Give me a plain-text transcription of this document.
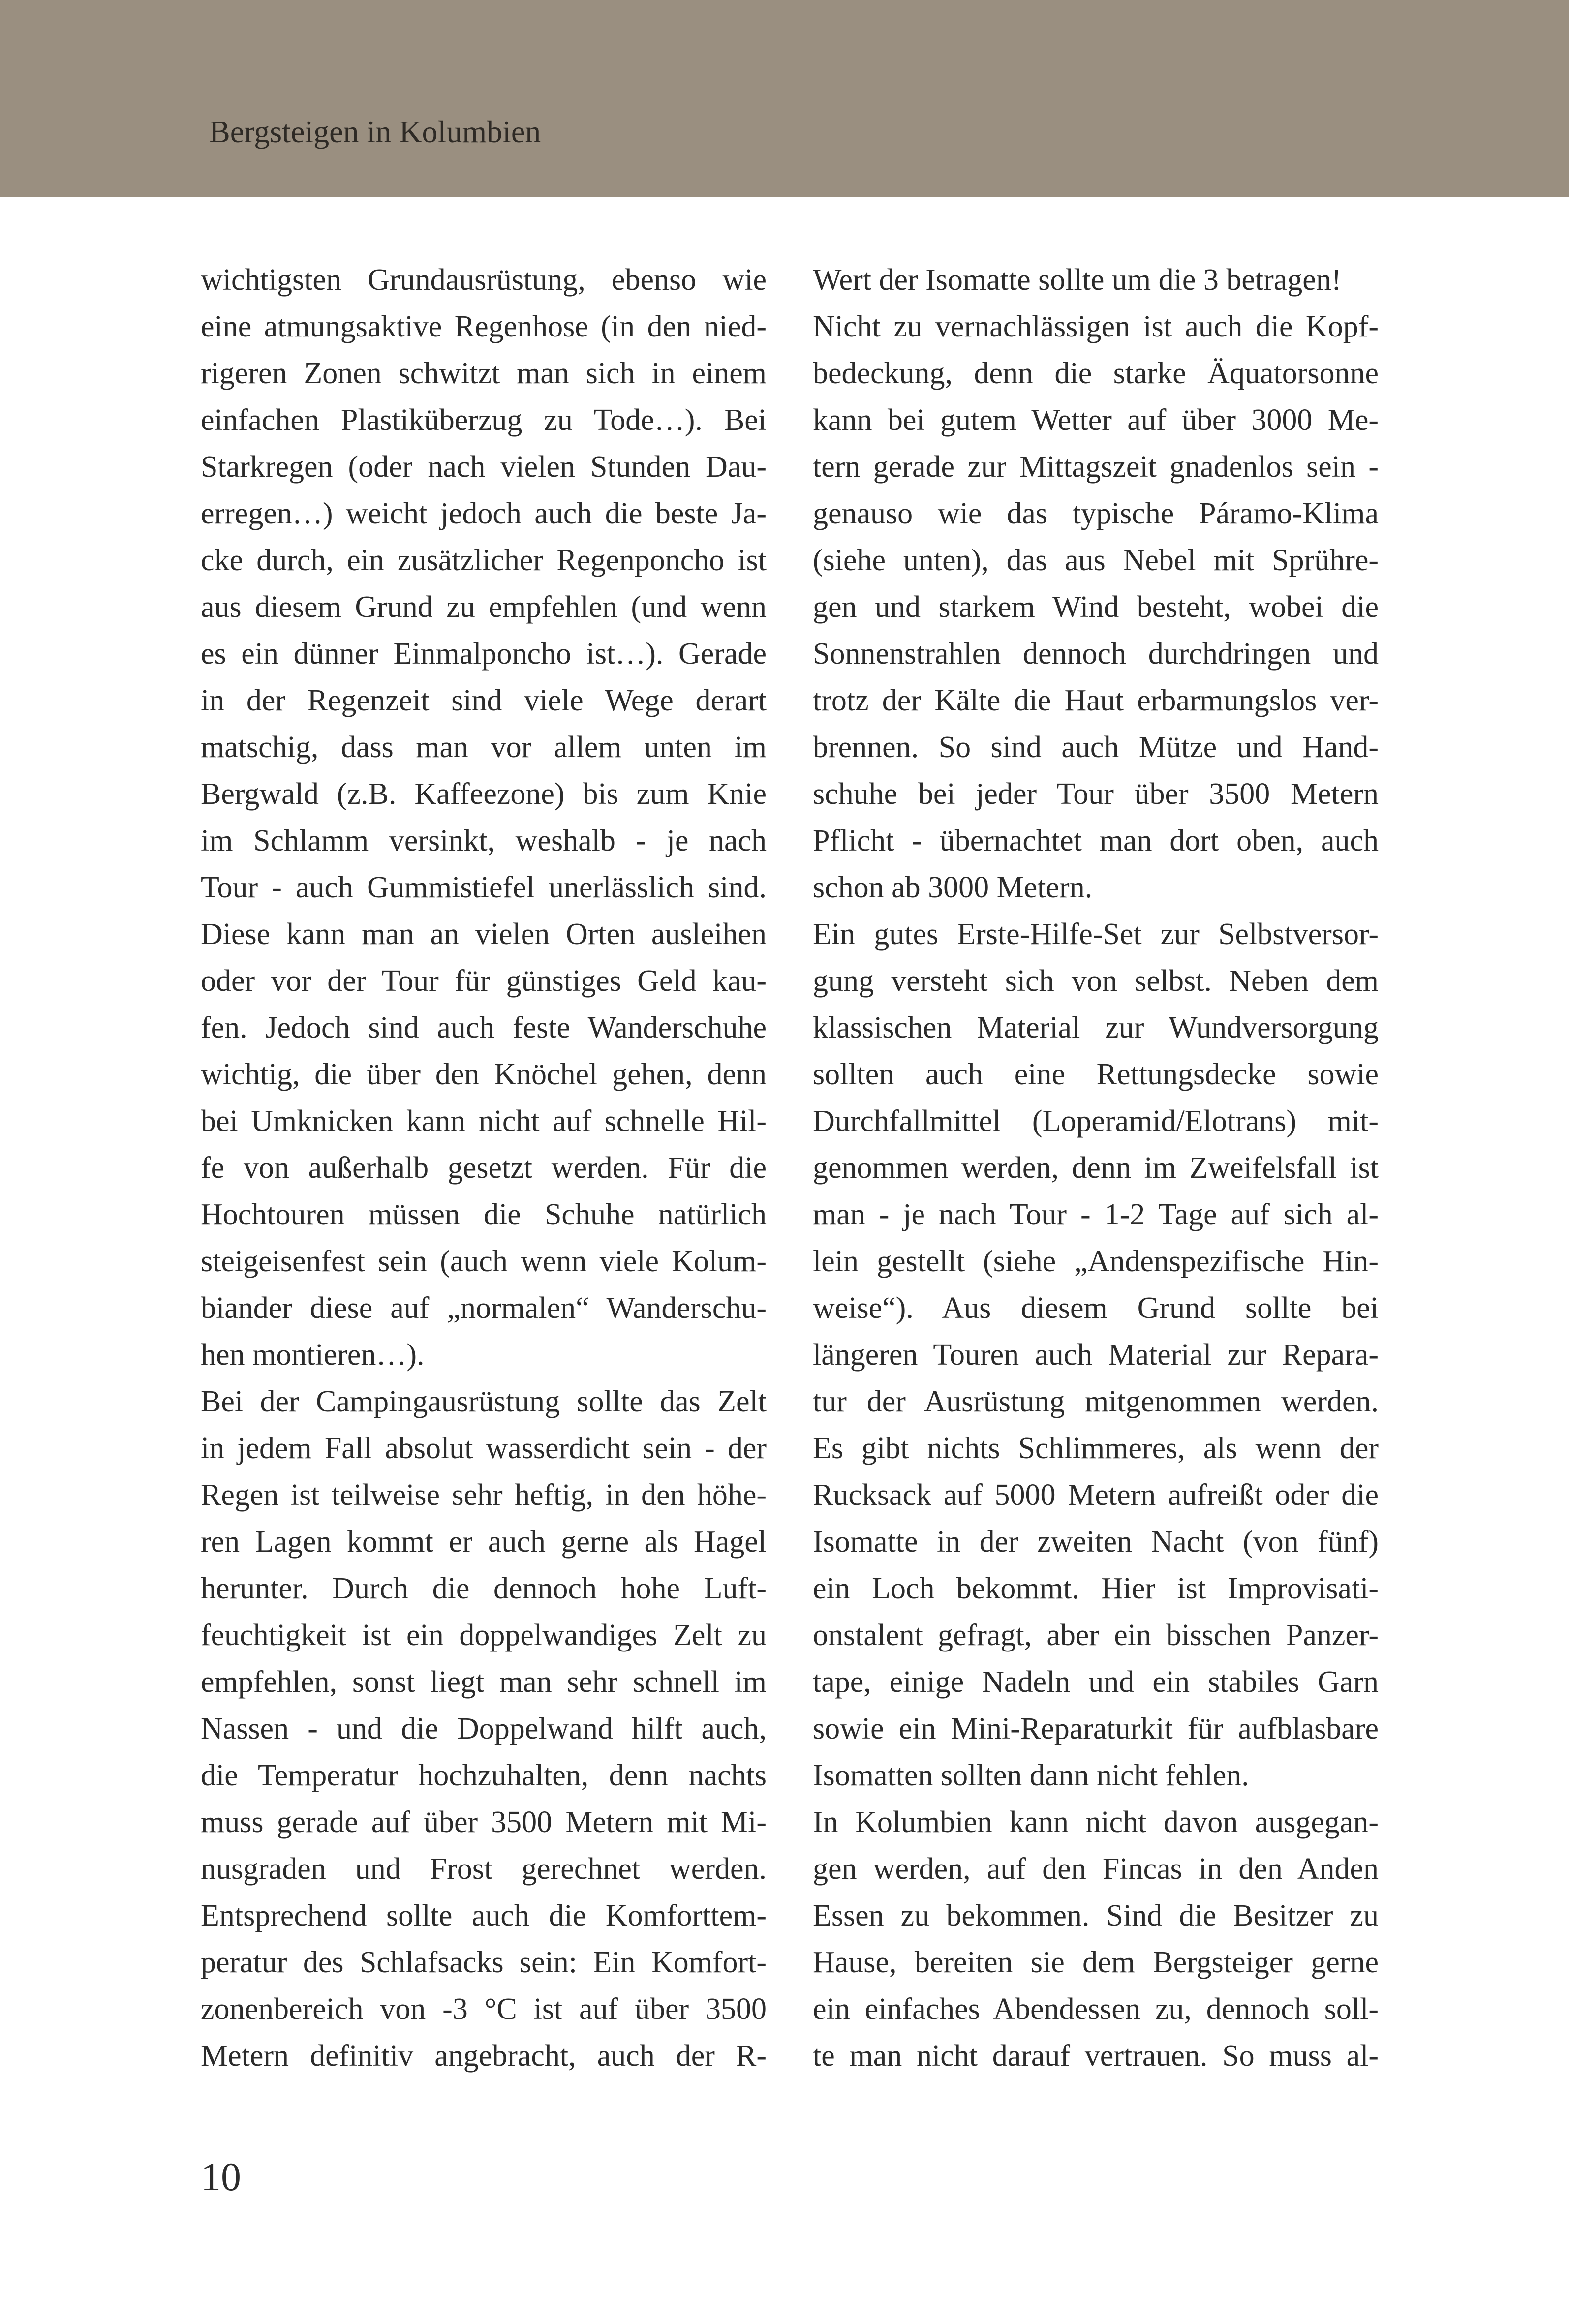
Bergsteigen in Kolumbien
wichtigsten Grundausrüstung, ebenso wie
eine atmungsaktive Regenhose (in den nied-
rigeren Zonen schwitzt man sich in einem
einfachen Plastiküberzug zu Tode…). Bei
Starkregen (oder nach vielen Stunden Dau-
erregen…) weicht jedoch auch die beste Ja-
cke durch, ein zusätzlicher Regenponcho ist
aus diesem Grund zu empfehlen (und wenn
es ein dünner Einmalponcho ist…). Gerade
in der Regenzeit sind viele Wege derart
matschig, dass man vor allem unten im
Bergwald (z.B. Kaffeezone) bis zum Knie
im Schlamm versinkt, weshalb - je nach
Tour - auch Gummistiefel unerlässlich sind.
Diese kann man an vielen Orten ausleihen
oder vor der Tour für günstiges Geld kau-
fen. Jedoch sind auch feste Wanderschuhe
wichtig, die über den Knöchel gehen, denn
bei Umknicken kann nicht auf schnelle Hil-
fe von außerhalb gesetzt werden. Für die
Hochtouren müssen die Schuhe natürlich
steigeisenfest sein (auch wenn viele Kolum-
biander diese auf „normalen“ Wanderschu-
hen montieren…).
Bei der Campingausrüstung sollte das Zelt
in jedem Fall absolut wasserdicht sein - der
Regen ist teilweise sehr heftig, in den höhe-
ren Lagen kommt er auch gerne als Hagel
herunter. Durch die dennoch hohe Luft-
feuchtigkeit ist ein doppelwandiges Zelt zu
empfehlen, sonst liegt man sehr schnell im
Nassen - und die Doppelwand hilft auch,
die Temperatur hochzuhalten, denn nachts
muss gerade auf über 3500 Metern mit Mi-
nusgraden und Frost gerechnet werden.
Entsprechend sollte auch die Komforttem-
peratur des Schlafsacks sein: Ein Komfort-
zonenbereich von -3 °C ist auf über 3500
Metern definitiv angebracht, auch der R-
Wert der Isomatte sollte um die 3 betragen!
Nicht zu vernachlässigen ist auch die Kopf-
bedeckung, denn die starke Äquatorsonne
kann bei gutem Wetter auf über 3000 Me-
tern gerade zur Mittagszeit gnadenlos sein -
genauso wie das typische Páramo-Klima
(siehe unten), das aus Nebel mit Sprühre-
gen und starkem Wind besteht, wobei die
Sonnenstrahlen dennoch durchdringen und
trotz der Kälte die Haut erbarmungslos ver-
brennen. So sind auch Mütze und Hand-
schuhe bei jeder Tour über 3500 Metern
Pflicht - übernachtet man dort oben, auch
schon ab 3000 Metern.
Ein gutes Erste-Hilfe-Set zur Selbstversor-
gung versteht sich von selbst. Neben dem
klassischen Material zur Wundversorgung
sollten auch eine Rettungsdecke sowie
Durchfallmittel (Loperamid/Elotrans) mit-
genommen werden, denn im Zweifelsfall ist
man - je nach Tour - 1-2 Tage auf sich al-
lein gestellt (siehe „Andenspezifische Hin-
weise“). Aus diesem Grund sollte bei
längeren Touren auch Material zur Repara-
tur der Ausrüstung mitgenommen werden.
Es gibt nichts Schlimmeres, als wenn der
Rucksack auf 5000 Metern aufreißt oder die
Isomatte in der zweiten Nacht (von fünf)
ein Loch bekommt. Hier ist Improvisati-
onstalent gefragt, aber ein bisschen Panzer-
tape, einige Nadeln und ein stabiles Garn
sowie ein Mini-Reparaturkit für aufblasbare
Isomatten sollten dann nicht fehlen.
In Kolumbien kann nicht davon ausgegan-
gen werden, auf den Fincas in den Anden
Essen zu bekommen. Sind die Besitzer zu
Hause, bereiten sie dem Bergsteiger gerne
ein einfaches Abendessen zu, dennoch soll-
te man nicht darauf vertrauen. So muss al-
10
